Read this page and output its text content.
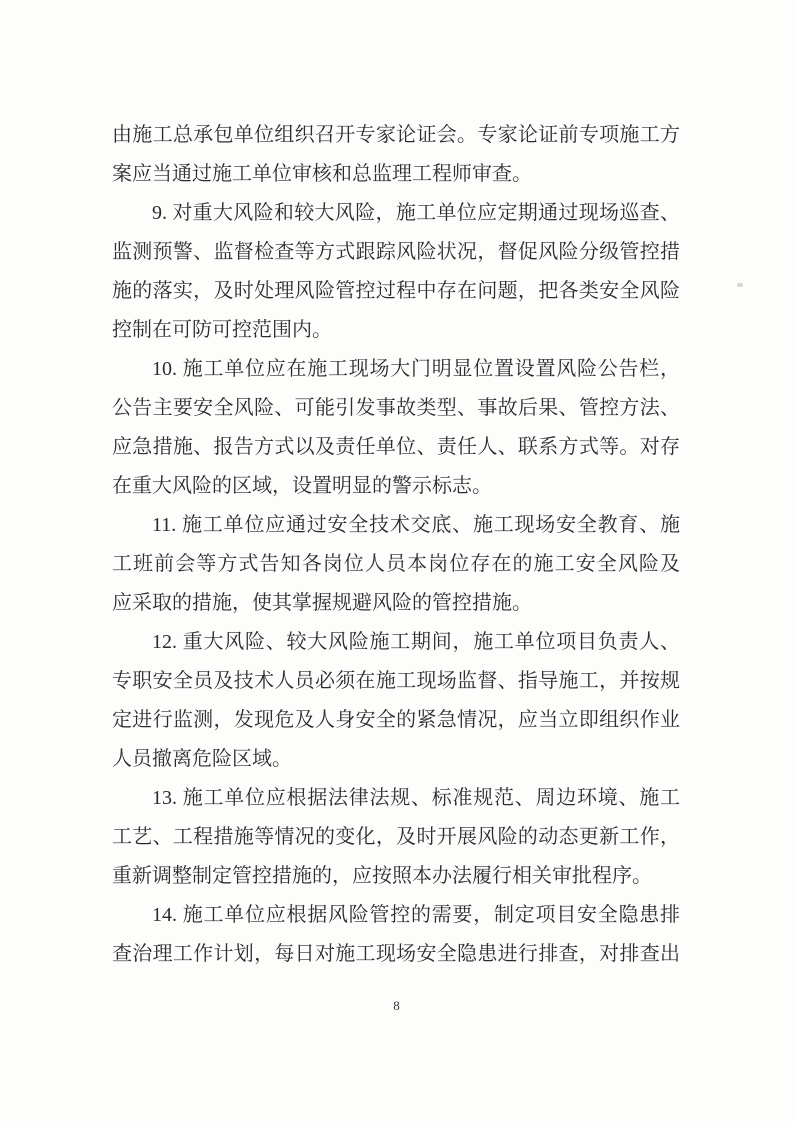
由施工总承包单位组织召开专家论证会。专家论证前专项施工方
案应当通过施工单位审核和总监理工程师审查。
9. 对重大风险和较大风险，施工单位应定期通过现场巡查、
监测预警、监督检查等方式跟踪风险状况，督促风险分级管控措
施的落实，及时处理风险管控过程中存在问题，把各类安全风险
控制在可防可控范围内。
10. 施工单位应在施工现场大门明显位置设置风险公告栏，
公告主要安全风险、可能引发事故类型、事故后果、管控方法、
应急措施、报告方式以及责任单位、责任人、联系方式等。对存
在重大风险的区域，设置明显的警示标志。
11. 施工单位应通过安全技术交底、施工现场安全教育、施
工班前会等方式告知各岗位人员本岗位存在的施工安全风险及
应采取的措施，使其掌握规避风险的管控措施。
12. 重大风险、较大风险施工期间，施工单位项目负责人、
专职安全员及技术人员必须在施工现场监督、指导施工，并按规
定进行监测，发现危及人身安全的紧急情况，应当立即组织作业
人员撤离危险区域。
13. 施工单位应根据法律法规、标准规范、周边环境、施工
工艺、工程措施等情况的变化，及时开展风险的动态更新工作，
重新调整制定管控措施的，应按照本办法履行相关审批程序。
14. 施工单位应根据风险管控的需要，制定项目安全隐患排
查治理工作计划，每日对施工现场安全隐患进行排查，对排查出
8
